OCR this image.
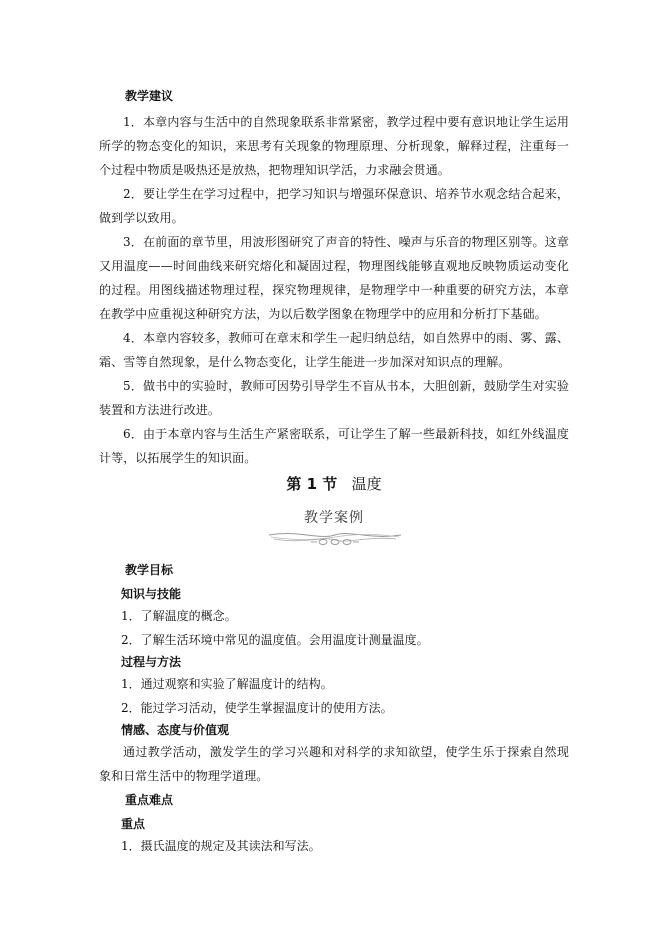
教学建议

1．本章内容与生活中的自然现象联系非常紧密，教学过程中要有意识地让学生运用所学的物态变化的知识，来思考有关现象的物理原理、分析现象，解释过程，注重每一个过程中物质是吸热还是放热，把物理知识学活，力求融会贯通。

2．要让学生在学习过程中，把学习知识与增强环保意识、培养节水观念结合起来，做到学以致用。

3．在前面的章节里，用波形图研究了声音的特性、噪声与乐音的物理区别等。这章又用温度——时间曲线来研究熔化和凝固过程，物理图线能够直观地反映物质运动变化的过程。用图线描述物理过程，探究物理规律，是物理学中一种重要的研究方法，本章在教学中应重视这种研究方法，为以后数学图象在物理学中的应用和分析打下基础。

4．本章内容较多，教师可在章末和学生一起归纳总结，如自然界中的雨、雾、露、霜、雪等自然现象，是什么物态变化，让学生能进一步加深对知识点的理解。

5．做书中的实验时，教师可因势引导学生不盲从书本，大胆创新，鼓励学生对实验装置和方法进行改进。

6．由于本章内容与生活生产紧密联系，可让学生了解一些最新科技，如红外线温度计等，以拓展学生的知识面。

第 1 节 温度

教学案例

教学目标

知识与技能

1．了解温度的概念。

2．了解生活环境中常见的温度值。会用温度计测量温度。

过程与方法

1．通过观察和实验了解温度计的结构。

2．能过学习活动，使学生掌握温度计的使用方法。

情感、态度与价值观

通过教学活动，激发学生的学习兴趣和对科学的求知欲望，使学生乐于探索自然现象和日常生活中的物理学道理。

重点难点

重点

1．摄氏温度的规定及其读法和写法。
